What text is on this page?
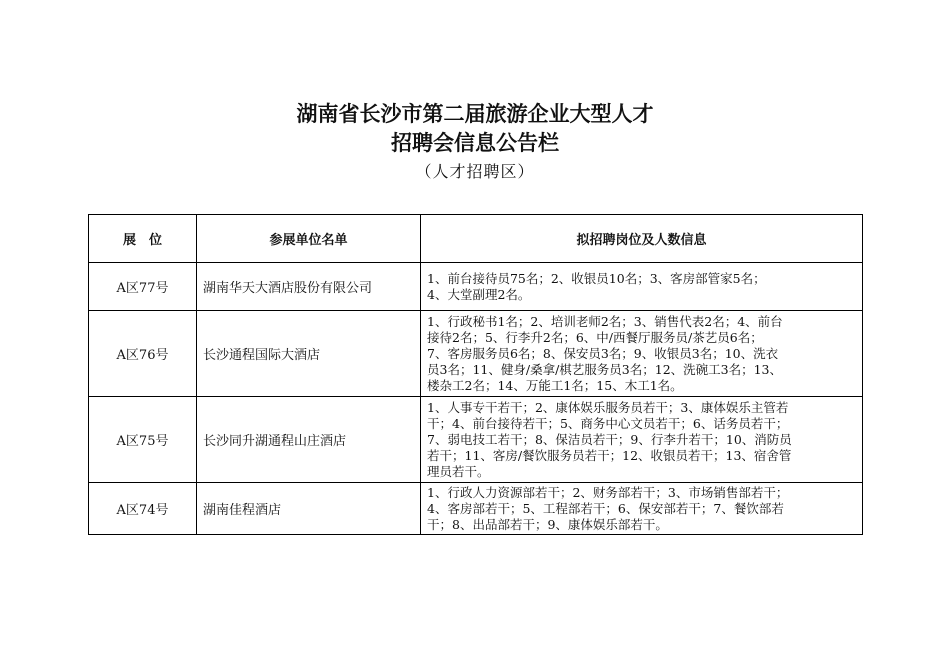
湖南省长沙市第二届旅游企业大型人才
招聘会信息公告栏
（人才招聘区）
展　位	参展单位名单	拟招聘岗位及人数信息
A区77号	湖南华天大酒店股份有限公司	1、前台接待员75名；2、收银员10名；3、客房部管家5名；
4、大堂副理2名。

A区76号	长沙通程国际大酒店	1、行政秘书1名；2、培训老师2名；3、销售代表2名；4、前台
接待2名；5、行李升2名；6、中/西餐厅服务员/茶艺员6名；
7、客房服务员6名；8、保安员3名；9、收银员3名；10、洗衣
员3名；11、健身/桑拿/棋艺服务员3名；12、洗碗工3名；13、
楼杂工2名；14、万能工1名；15、木工1名。

A区75号	长沙同升湖通程山庄酒店	1、人事专干若干；2、康体娱乐服务员若干；3、康体娱乐主管若
干；4、前台接待若干；5、商务中心文员若干；6、话务员若干；
7、弱电技工若干；8、保洁员若干；9、行李升若干；10、消防员
若干；11、客房/餐饮服务员若干；12、收银员若干；13、宿舍管
理员若干。

A区74号	湖南佳程酒店	1、行政人力资源部若干；2、财务部若干；3、市场销售部若干；
4、客房部若干；5、工程部若干；6、保安部若干；7、餐饮部若
干；8、出品部若干；9、康体娱乐部若干。
